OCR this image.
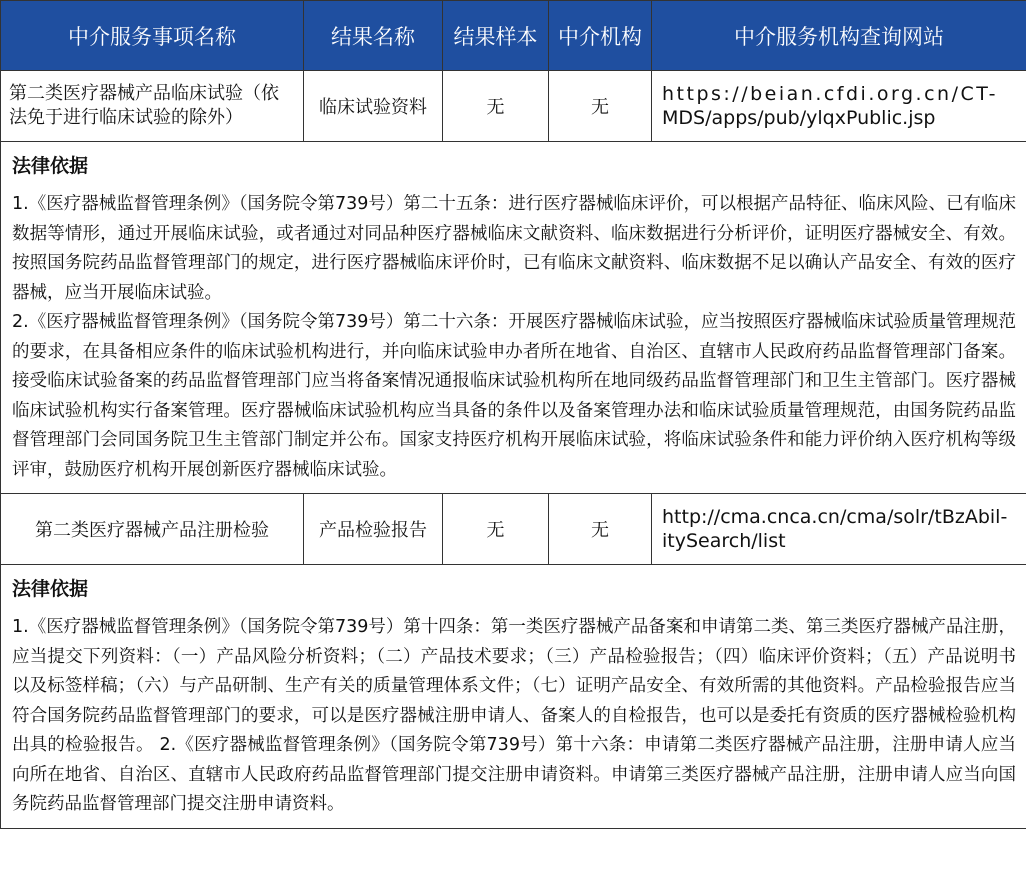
中介服务事项名称	结果名称	结果样本	中介机构	中介服务机构查询网站
第二类医疗器械产品临床试验（依法免于进行临床试验的除外）	临床试验资料	无	无	https://beian.cfdi.org.cn/CT-
MDS/apps/pub/ylqxPublic.jsp

法律依据

1.《医疗器械监督管理条例》（国务院令第739号）第二十五条：进行医疗器械临床评价，可以根据产品特征、临床风险、已有临床数据等情形，通过开展临床试验，或者通过对同品种医疗器械临床文献资料、临床数据进行分析评价，证明医疗器械安全、有效。按照国务院药品监督管理部门的规定，进行医疗器械临床评价时，已有临床文献资料、临床数据不足以确认产品安全、有效的医疗器械，应当开展临床试验。

2.《医疗器械监督管理条例》（国务院令第739号）第二十六条：开展医疗器械临床试验，应当按照医疗器械临床试验质量管理规范的要求，在具备相应条件的临床试验机构进行，并向临床试验申办者所在地省、自治区、直辖市人民政府药品监督管理部门备案。接受临床试验备案的药品监督管理部门应当将备案情况通报临床试验机构所在地同级药品监督管理部门和卫生主管部门。医疗器械临床试验机构实行备案管理。医疗器械临床试验机构应当具备的条件以及备案管理办法和临床试验质量管理规范，由国务院药品监督管理部门会同国务院卫生主管部门制定并公布。国家支持医疗机构开展临床试验，将临床试验条件和能力评价纳入医疗机构等级评审，鼓励医疗机构开展创新医疗器械临床试验。				

第二类医疗器械产品注册检验	产品检验报告	无	无	http://cma.cnca.cn/cma/solr/tBzAbil-
itySearch/list

法律依据

1.《医疗器械监督管理条例》（国务院令第739号）第十四条：第一类医疗器械产品备案和申请第二类、第三类医疗器械产品注册，应当提交下列资料：（一）产品风险分析资料；（二）产品技术要求；（三）产品检验报告；（四）临床评价资料；（五）产品说明书以及标签样稿；（六）与产品研制、生产有关的质量管理体系文件；（七）证明产品安全、有效所需的其他资料。产品检验报告应当符合国务院药品监督管理部门的要求，可以是医疗器械注册申请人、备案人的自检报告，也可以是委托有资质的医疗器械检验机构出具的检验报告。 2.《医疗器械监督管理条例》（国务院令第739号）第十六条：申请第二类医疗器械产品注册，注册申请人应当向所在地省、自治区、直辖市人民政府药品监督管理部门提交注册申请资料。申请第三类医疗器械产品注册，注册申请人应当向国务院药品监督管理部门提交注册申请资料。				
